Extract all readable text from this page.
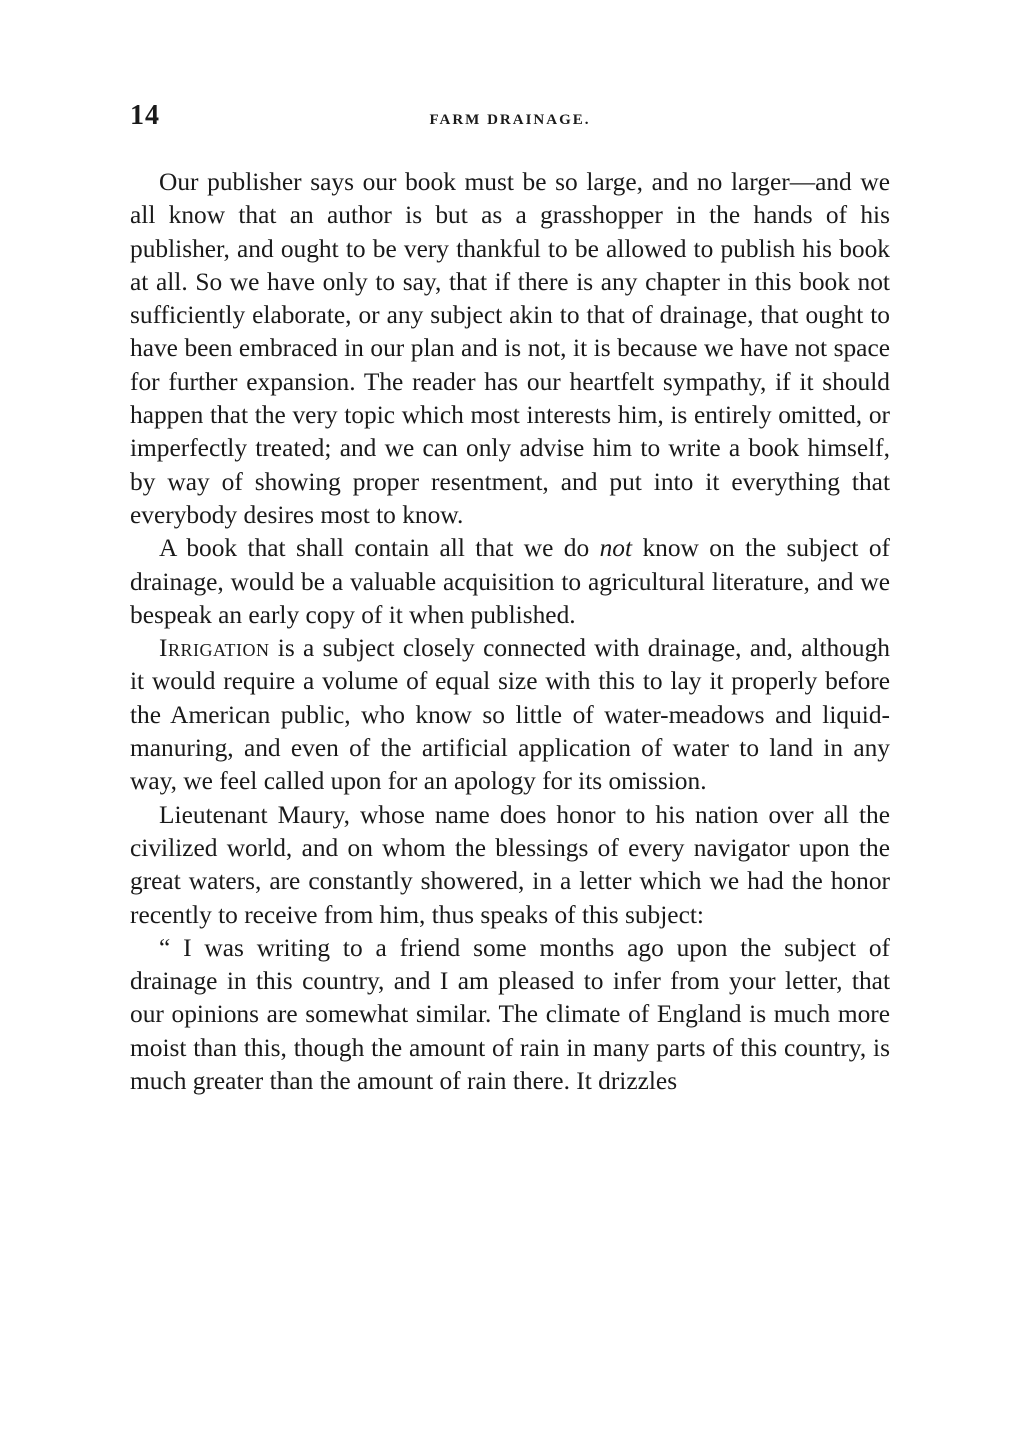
14	FARM DRAINAGE.

Our publisher says our book must be so large, and no larger—and we all know that an author is but as a grasshopper in the hands of his publisher, and ought to be very thankful to be allowed to publish his book at all. So we have only to say, that if there is any chapter in this book not sufficiently elaborate, or any subject akin to that of drainage, that ought to have been embraced in our plan and is not, it is because we have not space for further expansion. The reader has our heartfelt sympathy, if it should happen that the very topic which most interests him, is entirely omitted, or imperfectly treated; and we can only advise him to write a book himself, by way of showing proper resentment, and put into it everything that everybody desires most to know.

A book that shall contain all that we do not know on the subject of drainage, would be a valuable acquisition to agricultural literature, and we bespeak an early copy of it when published.

Irrigation is a subject closely connected with drainage, and, although it would require a volume of equal size with this to lay it properly before the American public, who know so little of water-meadows and liquid-manuring, and even of the artificial application of water to land in any way, we feel called upon for an apology for its omission.

Lieutenant Maury, whose name does honor to his nation over all the civilized world, and on whom the blessings of every navigator upon the great waters, are constantly showered, in a letter which we had the honor recently to receive from him, thus speaks of this subject:

“ I was writing to a friend some months ago upon the subject of drainage in this country, and I am pleased to infer from your letter, that our opinions are somewhat similar. The climate of England is much more moist than this, though the amount of rain in many parts of this country, is much greater than the amount of rain there. It drizzles
